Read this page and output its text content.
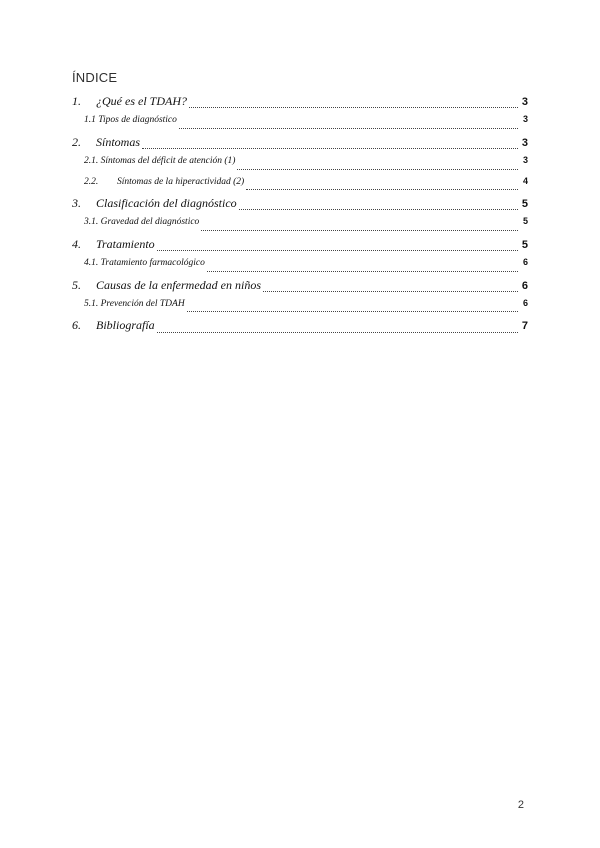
ÍNDICE
1.	¿Qué es el TDAH?	3
1.1 Tipos de diagnóstico	3
2.	Síntomas	3
2.1. Síntomas del déficit de atención (1)	3
2.2.	Síntomas de la hiperactividad (2)	4
3.	Clasificación del diagnóstico	5
3.1. Gravedad del diagnóstico	5
4.	Tratamiento	5
4.1. Tratamiento farmacológico	6
5.	Causas de la enfermedad en niños	6
5.1. Prevención del TDAH	6
6.	Bibliografía	7
2
